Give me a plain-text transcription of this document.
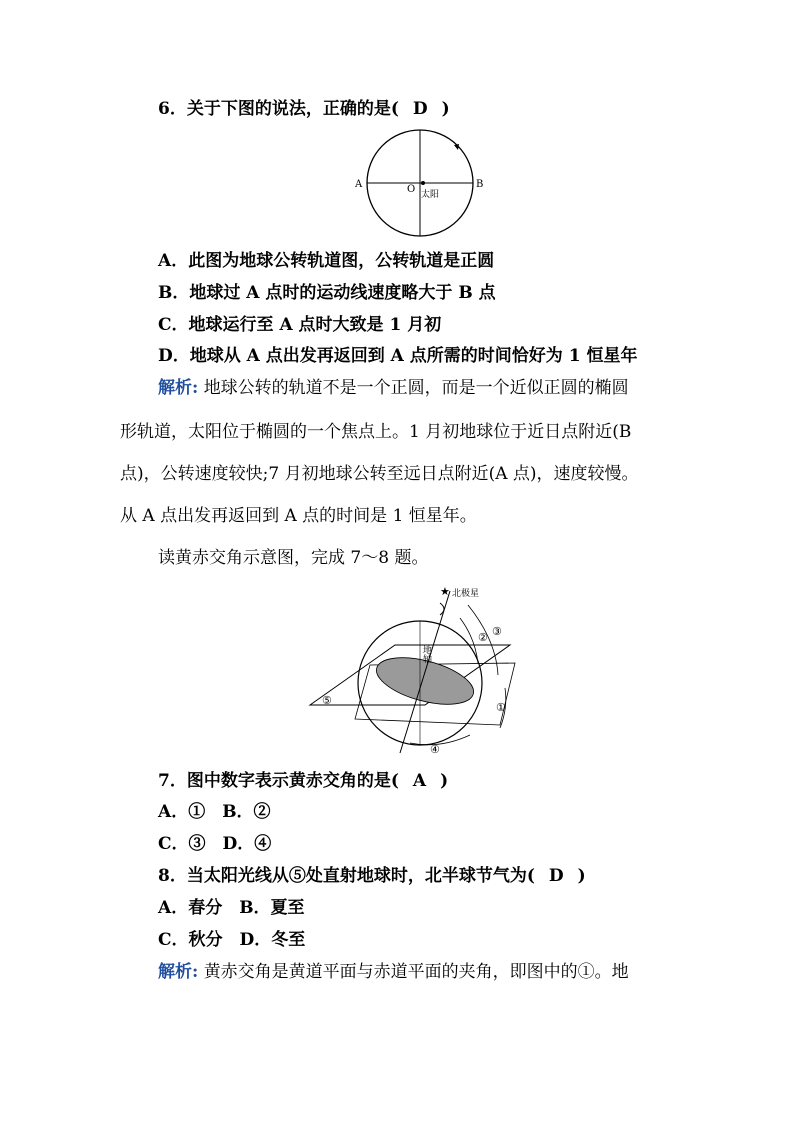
6．关于下图的说法，正确的是( D )
A	B
O 太阳
A．此图为地球公转轨道图，公转轨道是正圆
B．地球过 A 点时的运动线速度略大于 B 点
C．地球运行至 A 点时大致是 1 月初
D．地球从 A 点出发再返回到 A 点所需的时间恰好为 1 恒星年
解析: 地球公转的轨道不是一个正圆，而是一个近似正圆的椭圆
形轨道，太阳位于椭圆的一个焦点上。1 月初地球位于近日点附近(B
点)，公转速度较快;7 月初地球公转至远日点附近(A 点)，速度较慢。
从 A 点出发再返回到 A 点的时间是 1 恒星年。
读黄赤交角示意图，完成 7～8 题。
★ 北极星
地轴
② ③
①
④
⑤
7．图中数字表示黄赤交角的是( A )
A．①　B．②
C．③　D．④
8．当太阳光线从⑤处直射地球时，北半球节气为( D )
A．春分　B．夏至
C．秋分　D．冬至
解析: 黄赤交角是黄道平面与赤道平面的夹角，即图中的①。地
